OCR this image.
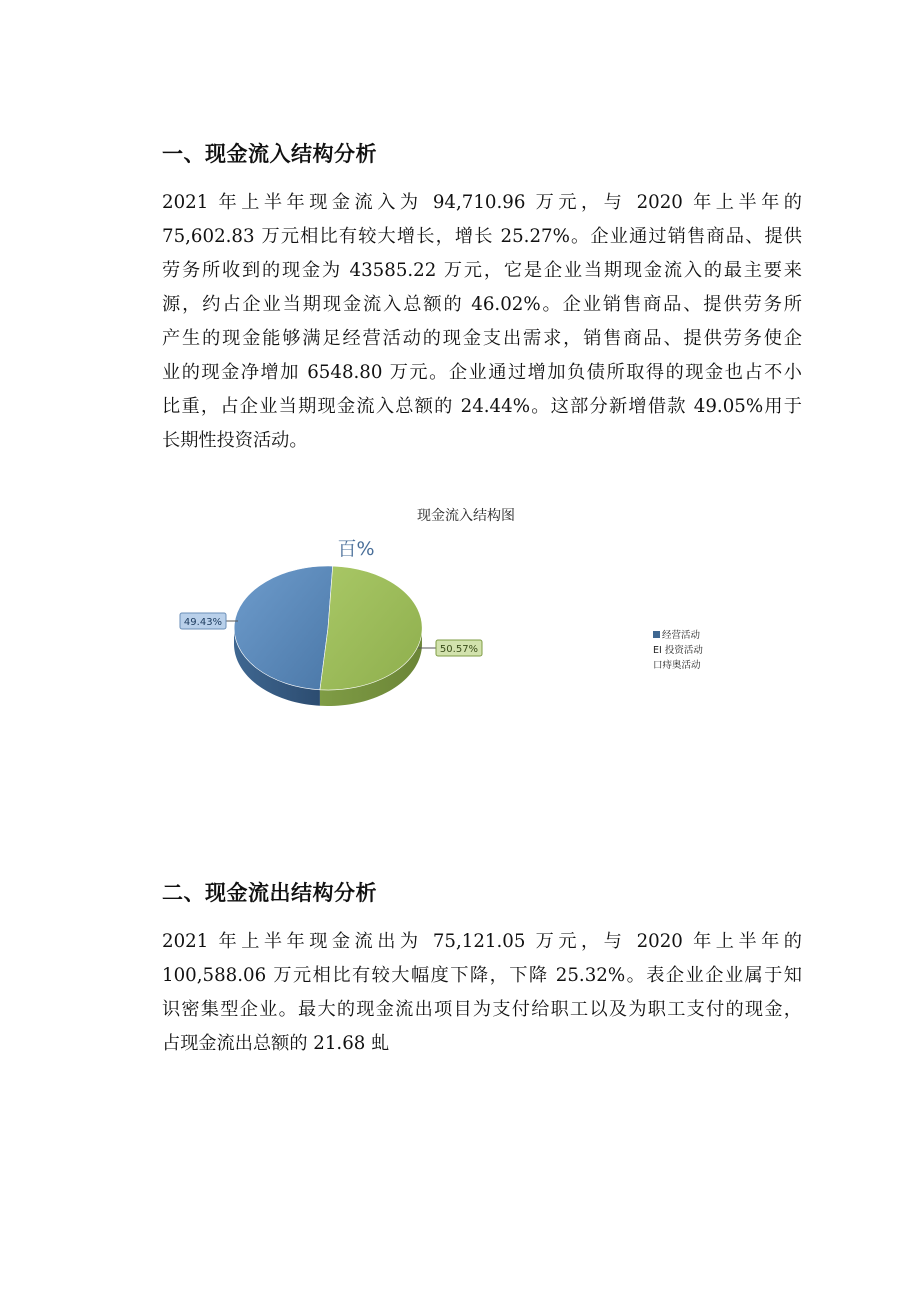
一、现金流入结构分析
2021 年上半年现金流入为 94,710.96 万元，与 2020 年上半年的
75,602.83 万元相比有较大增长，增长 25.27%。企业通过销售商品、提供
劳务所收到的现金为 43585.22 万元，它是企业当期现金流入的最主要来
源，约占企业当期现金流入总额的 46.02%。企业销售商品、提供劳务所
产生的现金能够满足经营活动的现金支出需求，销售商品、提供劳务使企
业的现金净增加 6548.80 万元。企业通过增加负债所取得的现金也占不小
比重，占企业当期现金流入总额的 24.44%。这部分新增借款 49.05%用于
长期性投资活动。
现金流入结构图
百%
49.43%
50.57%
经营活动
EI 投资活动
口痔奥活动
二、现金流出结构分析
2021 年上半年现金流出为 75,121.05 万元，与 2020 年上半年的
100,588.06 万元相比有较大幅度下降，下降 25.32%。表企业企业属于知
识密集型企业。最大的现金流出项目为支付给职工以及为职工支付的现金，
占现金流出总额的 21.68 虬
